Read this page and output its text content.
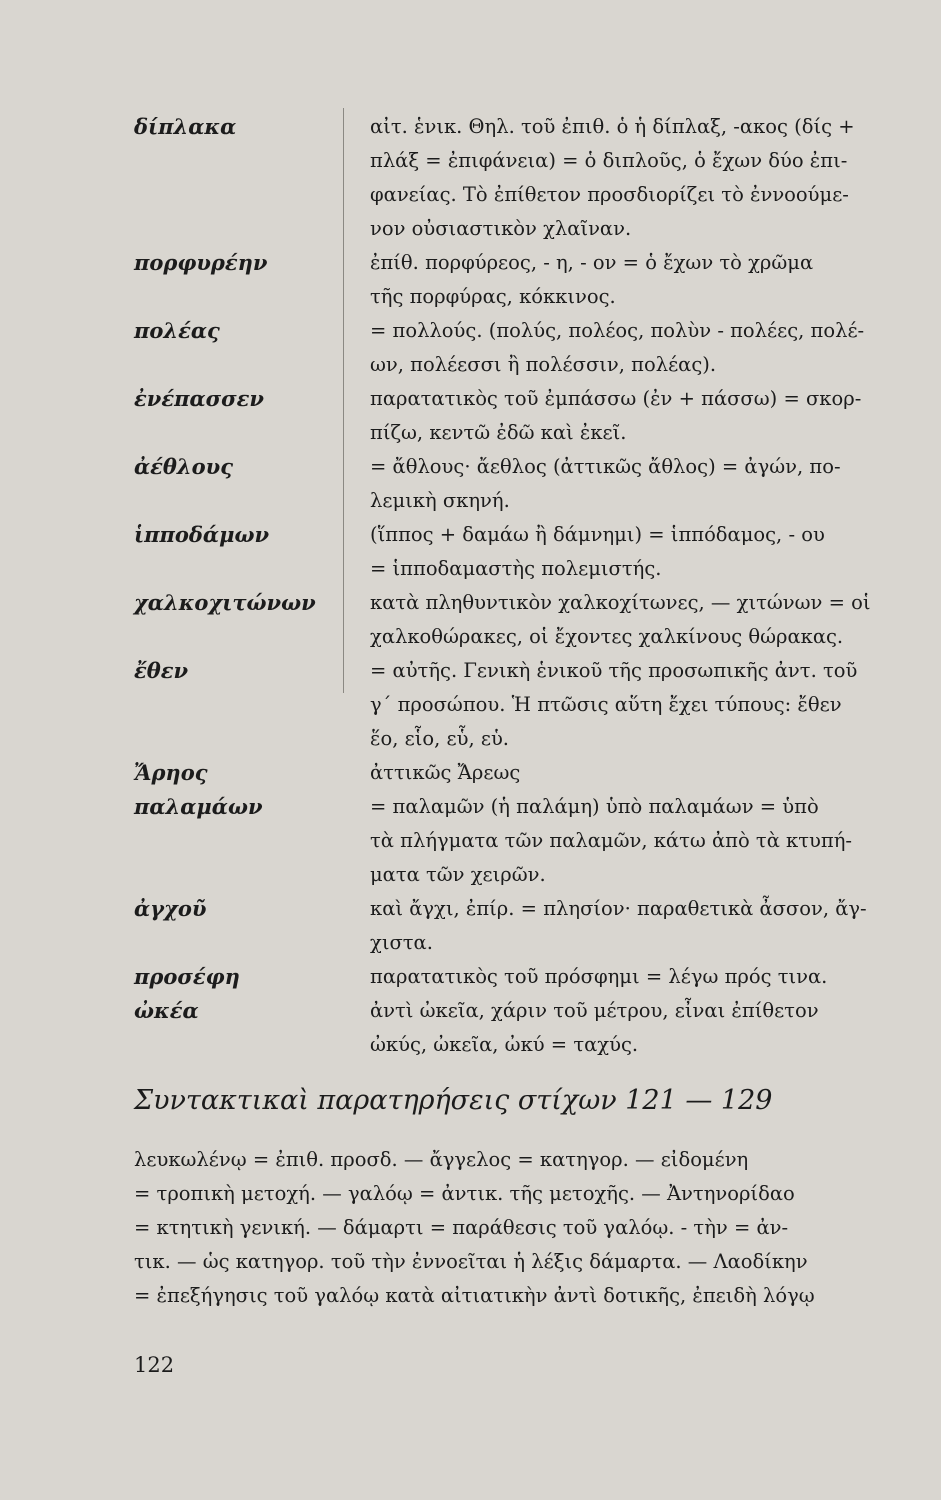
δίπλακα
πορφυρέην
πολέας
ἐνέπασσεν
ἀέθλους
ἱπποδάμων
χαλκοχιτώνων
ἔθεν
Ἄρηος
παλαμάων
ἀγχοῦ
προσέφη
ὠκέα
αἰτ. ἑνικ. Θηλ. τοῦ ἐπιθ. ὁ ἡ δίπλαξ, -ακος (δίς +
πλάξ = ἐπιφάνεια) = ὁ διπλοῦς, ὁ ἔχων δύο ἐπι-
φανείας. Τὸ ἐπίθετον προσδιορίζει τὸ ἐννοούμε-
νον οὐσιαστικὸν χλαῖναν.
ἐπίθ. πορφύρεος, - η, - ον = ὁ ἔχων τὸ χρῶμα
τῆς πορφύρας, κόκκινος.
= πολλούς. (πολύς, πολέος, πολὺν - πολέες, πολέ-
ων, πολέεσσι ἢ πολέσσιν, πολέας).
παρατατικὸς τοῦ ἐμπάσσω (ἐν + πάσσω) = σκορ-
πίζω, κεντῶ ἐδῶ καὶ ἐκεῖ.
= ἄθλους· ἄεθλος (ἀττικῶς ἄθλος) = ἀγών, πο-
λεμικὴ σκηνή.
(ἵππος + δαμάω ἢ δάμνημι) = ἱππόδαμος, - ου
= ἱπποδαμαστὴς πολεμιστής.
κατὰ πληθυντικὸν χαλκοχίτωνες, — χιτώνων = οἱ
χαλκοθώρακες, οἱ ἔχοντες χαλκίνους θώρακας.
= αὐτῆς. Γενικὴ ἑνικοῦ τῆς προσωπικῆς ἀντ. τοῦ
γ΄ προσώπου. Ἡ πτῶσις αὕτη ἔχει τύπους: ἔθεν
ἕο, εἷο, εὗ, εὑ.
ἀττικῶς Ἄρεως
= παλαμῶν (ἡ παλάμη) ὑπὸ παλαμάων = ὑπὸ
τὰ πλήγματα τῶν παλαμῶν, κάτω ἀπὸ τὰ κτυπή-
ματα τῶν χειρῶν.
καὶ ἄγχι, ἐπίρ. = πλησίον· παραθετικὰ ἆσσον, ἄγ-
χιστα.
παρατατικὸς τοῦ πρόσφημι = λέγω πρός τινα.
ἀντὶ ὠκεῖα, χάριν τοῦ μέτρου, εἶναι ἐπίθετον
ὠκύς, ὠκεῖα, ὠκύ = ταχύς.
Συντακτικαὶ παρατηρήσεις στίχων 121 — 129
λευκωλένῳ = ἐπιθ. προσδ. — ἄγγελος = κατηγορ. — εἰδομένη
= τροπικὴ μετοχή. — γαλόῳ = ἀντικ. τῆς μετοχῆς. — Ἀντηνορίδαο
= κτητικὴ γενική. — δάμαρτι = παράθεσις τοῦ γαλόῳ. - τὴν = ἀν-
τικ. — ὡς κατηγορ. τοῦ τὴν ἐννοεῖται ἡ λέξις δάμαρτα. — Λαοδίκην
= ἐπεξήγησις τοῦ γαλόῳ κατὰ αἰτιατικὴν ἀντὶ δοτικῆς, ἐπειδὴ λόγῳ
122
